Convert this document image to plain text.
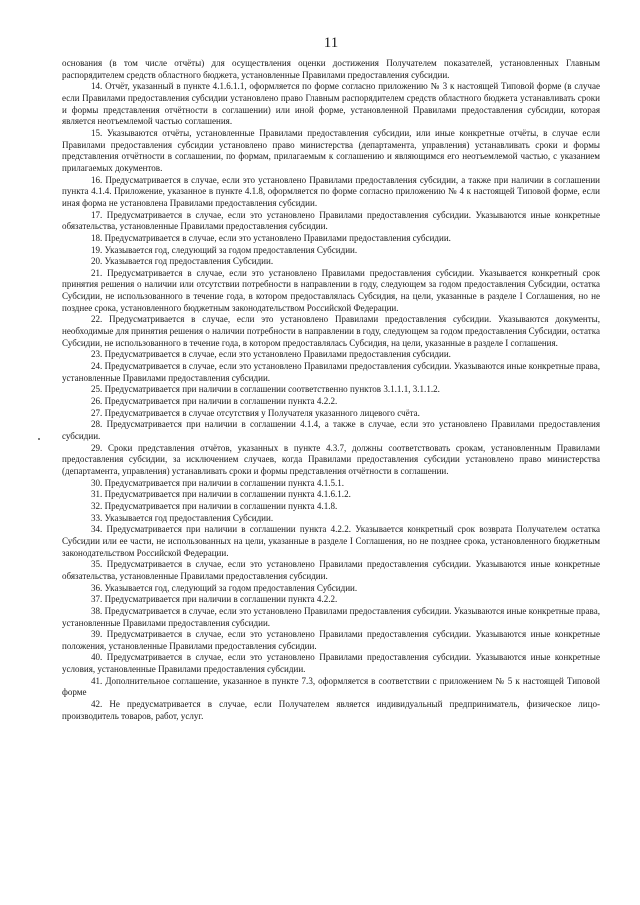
11

основания (в том числе отчёты) для осуществления оценки достижения Получателем показателей, установленных Главным распорядителем средств областного бюджета, установленные Правилами предоставления субсидии.

14. Отчёт, указанный в пункте 4.1.6.1.1, оформляется по форме согласно приложению № 3 к настоящей Типовой форме (в случае если Правилами предоставления субсидии установлено право Главным распорядителем средств областного бюджета устанавливать сроки и формы представления отчётности в соглашении) или иной форме, установленной Правилами предоставления субсидии, которая является неотъемлемой частью соглашения.

15. Указываются отчёты, установленные Правилами предоставления субсидии, или иные конкретные отчёты, в случае если Правилами предоставления субсидии установлено право министерства (департамента, управления) устанавливать сроки и формы представления отчётности в соглашении, по формам, прилагаемым к соглашению и являющимся его неотъемлемой частью, с указанием прилагаемых документов.

16. Предусматривается в случае, если это установлено Правилами предоставления субсидии, а также при наличии в соглашении пункта 4.1.4. Приложение, указанное в пункте 4.1.8, оформляется по форме согласно приложению № 4 к настоящей Типовой форме, если иная форма не установлена Правилами предоставления субсидии.

17. Предусматривается в случае, если это установлено Правилами предоставления субсидии. Указываются иные конкретные обязательства, установленные Правилами предоставления субсидии.

18. Предусматривается в случае, если это установлено Правилами предоставления субсидии.

19. Указывается год, следующий за годом предоставления Субсидии.

20. Указывается год предоставления Субсидии.

21. Предусматривается в случае, если это установлено Правилами предоставления субсидии. Указывается конкретный срок принятия решения о наличии или отсутствии потребности в направлении в году, следующем за годом предоставления Субсидии, остатка Субсидии, не использованного в течение года, в котором предоставлялась Субсидия, на цели, указанные в разделе I Соглашения, но не позднее срока, установленного бюджетным законодательством Российской Федерации.

22. Предусматривается в случае, если это установлено Правилами предоставления субсидии. Указываются документы, необходимые для принятия решения о наличии потребности в направлении в году, следующем за годом предоставления Субсидии, остатка Субсидии, не использованного в течение года, в котором предоставлялась Субсидия, на цели, указанные в разделе I соглашения.

23. Предусматривается в случае, если это установлено Правилами предоставления субсидии.

24. Предусматривается в случае, если это установлено Правилами предоставления субсидии. Указываются иные конкретные права, установленные Правилами предоставления субсидии.

25. Предусматривается при наличии в соглашении соответственно пунктов 3.1.1.1, 3.1.1.2.

26. Предусматривается при наличии в соглашении пункта 4.2.2.

27. Предусматривается в случае отсутствия у Получателя указанного лицевого счёта.

28. Предусматривается при наличии в соглашении 4.1.4, а также в случае, если это установлено Правилами предоставления субсидии.

29. Сроки представления отчётов, указанных в пункте 4.3.7, должны соответствовать срокам, установленным Правилами предоставления субсидии, за исключением случаев, когда Правилами предоставления субсидии установлено право министерства (департамента, управления) устанавливать сроки и формы представления отчётности в соглашении.

30. Предусматривается при наличии в соглашении пункта 4.1.5.1.

31. Предусматривается при наличии в соглашении пункта 4.1.6.1.2.

32. Предусматривается при наличии в соглашении пункта 4.1.8.

33. Указывается год предоставления Субсидии.

34. Предусматривается при наличии в соглашении пункта 4.2.2. Указывается конкретный срок возврата Получателем остатка Субсидии или ее части, не использованных на цели, указанные в разделе I Соглашения, но не позднее срока, установленного бюджетным законодательством Российской Федерации.

35. Предусматривается в случае, если это установлено Правилами предоставления субсидии. Указываются иные конкретные обязательства, установленные Правилами предоставления субсидии.

36. Указывается год, следующий за годом предоставления Субсидии.

37. Предусматривается при наличии в соглашении пункта 4.2.2.

38. Предусматривается в случае, если это установлено Правилами предоставления субсидии. Указываются иные конкретные права, установленные Правилами предоставления субсидии.

39. Предусматривается в случае, если это установлено Правилами предоставления субсидии. Указываются иные конкретные положения, установленные Правилами предоставления субсидии.

40. Предусматривается в случае, если это установлено Правилами предоставления субсидии. Указываются иные конкретные условия, установленные Правилами предоставления субсидии.

41. Дополнительное соглашение, указанное в пункте 7.3, оформляется в соответствии с приложением № 5 к настоящей Типовой форме

42. Не предусматривается в случае, если Получателем является индивидуальный предприниматель, физическое лицо-производитель товаров, работ, услуг.
